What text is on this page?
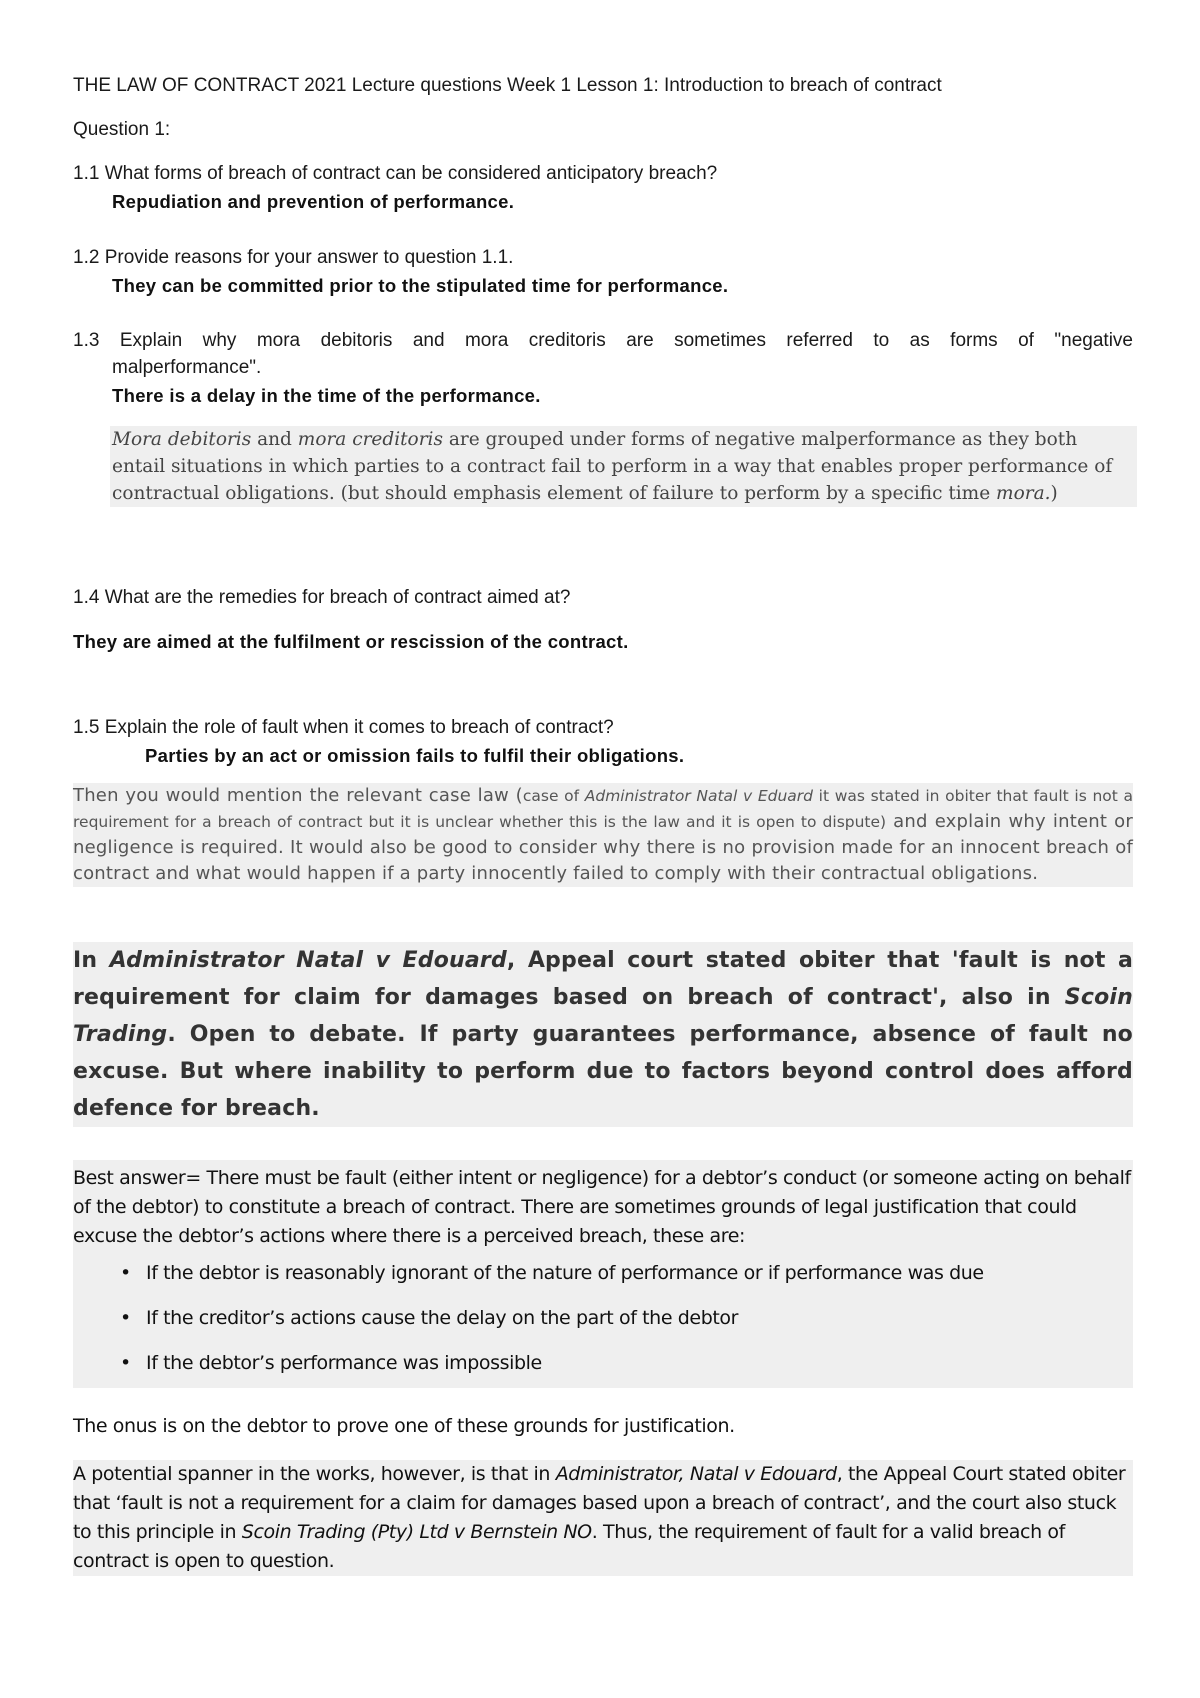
THE LAW OF CONTRACT 2021 Lecture questions Week 1 Lesson 1: Introduction to breach of contract
Question 1:
1.1 What forms of breach of contract can be considered anticipatory breach?
Repudiation and prevention of performance.
1.2 Provide reasons for your answer to question 1.1.
They can be committed prior to the stipulated time for performance.
1.3 Explain why mora debitoris and mora creditoris are sometimes referred to as forms of "negative
malperformance".
There is a delay in the time of the performance.
Mora debitoris and mora creditoris are grouped under forms of negative malperformance as they both entail situations in which parties to a contract fail to perform in a way that enables proper performance of contractual obligations. (but should emphasis element of failure to perform by a specific time mora.)
1.4 What are the remedies for breach of contract aimed at?
They are aimed at the fulfilment or rescission of the contract.
1.5 Explain the role of fault when it comes to breach of contract?
Parties by an act or omission fails to fulfil their obligations.
Then you would mention the relevant case law (case of Administrator Natal v Eduard it was stated in obiter that fault is not a requirement for a breach of contract but it is unclear whether this is the law and it is open to dispute) and explain why intent or negligence is required. It would also be good to consider why there is no provision made for an innocent breach of contract and what would happen if a party innocently failed to comply with their contractual obligations.
In Administrator Natal v Edouard, Appeal court stated obiter that 'fault is not a requirement for claim for damages based on breach of contract', also in Scoin Trading. Open to debate. If party guarantees performance, absence of fault no excuse. But where inability to perform due to factors beyond control does afford defence for breach.

Best answer= There must be fault (either intent or negligence) for a debtor’s conduct (or someone acting on behalf of the debtor) to constitute a breach of contract. There are sometimes grounds of legal justification that could excuse the debtor’s actions where there is a perceived breach, these are:

• If the debtor is reasonably ignorant of the nature of performance or if performance was due
• If the creditor’s actions cause the delay on the part of the debtor
• If the debtor’s performance was impossible
The onus is on the debtor to prove one of these grounds for justification.
A potential spanner in the works, however, is that in Administrator, Natal v Edouard, the Appeal Court stated obiter that ‘fault is not a requirement for a claim for damages based upon a breach of contract’, and the court also stuck to this principle in Scoin Trading (Pty) Ltd v Bernstein NO. Thus, the requirement of fault for a valid breach of contract is open to question.
